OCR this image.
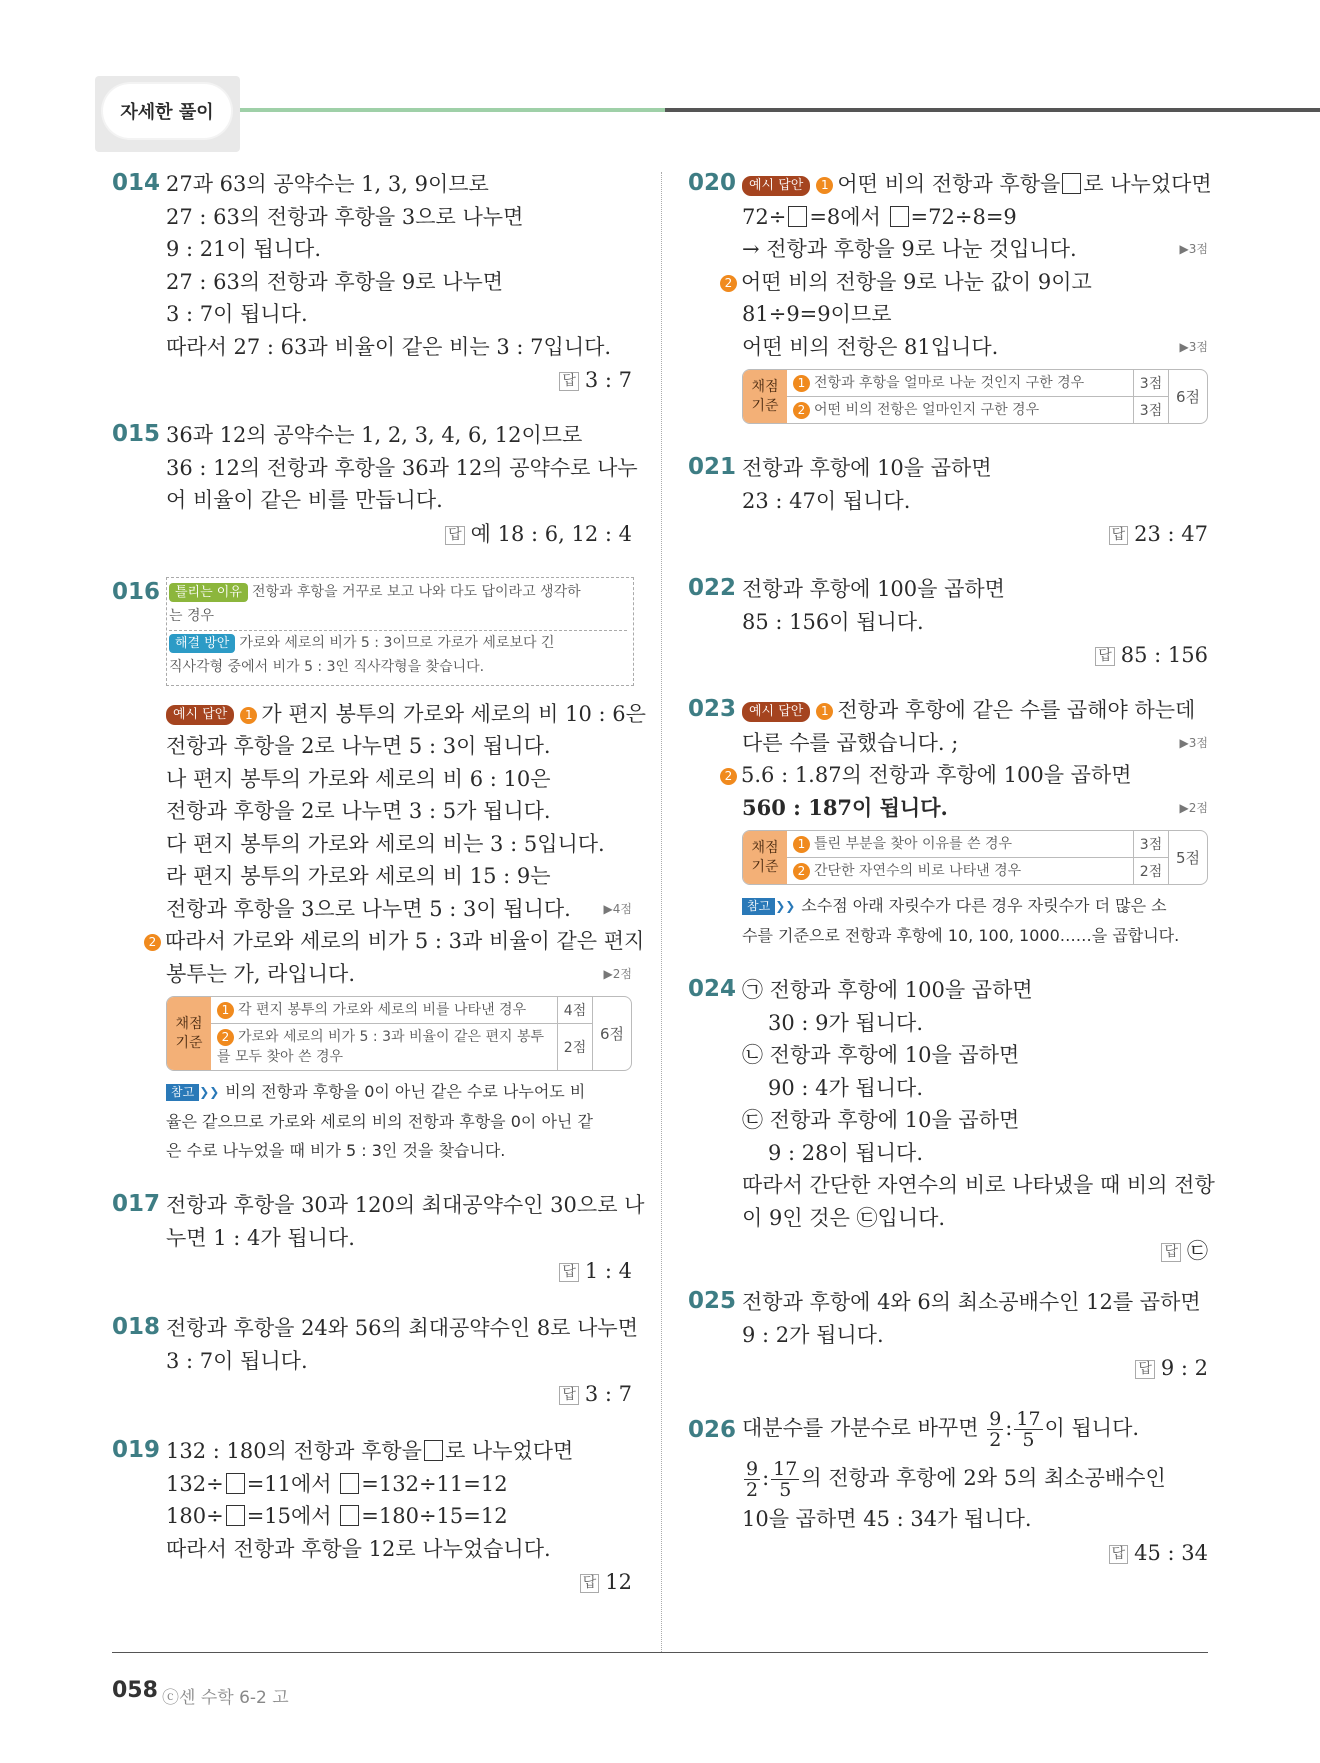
자세한 풀이
014 27과 63의 공약수는 1, 3, 9이므로
27 : 63의 전항과 후항을 3으로 나누면
9 : 21이 됩니다.
27 : 63의 전항과 후항을 9로 나누면
3 : 7이 됩니다.
따라서 27 : 63과 비율이 같은 비는 3 : 7입니다.
답 3 : 7
015 36과 12의 공약수는 1, 2, 3, 4, 6, 12이므로
36 : 12의 전항과 후항을 36과 12의 공약수로 나누
어 비율이 같은 비를 만듭니다.
답 예 18 : 6, 12 : 4
016	틀리는 이유 전항과 후항을 거꾸로 보고 나와 다도 답이라고 생각하
는 경우
해결 방안 가로와 세로의 비가 5 : 3이므로 가로가 세로보다 긴
직사각형 중에서 비가 5 : 3인 직사각형을 찾습니다.
예시 답안 1 가 편지 봉투의 가로와 세로의 비 10 : 6은
전항과 후항을 2로 나누면 5 : 3이 됩니다.
나 편지 봉투의 가로와 세로의 비 6 : 10은
전항과 후항을 2로 나누면 3 : 5가 됩니다.
다 편지 봉투의 가로와 세로의 비는 3 : 5입니다.
라 편지 봉투의 가로와 세로의 비 15 : 9는
전항과 후항을 3으로 나누면 5 : 3이 됩니다.	▶4점
2 따라서 가로와 세로의 비가 5 : 3과 비율이 같은 편지
봉투는 가, 라입니다.	▶2점
채점 기준
1 각 편지 봉투의 가로와 세로의 비를 나타낸 경우	4점
2 가로와 세로의 비가 5 : 3과 비율이 같은 편지 봉투를 모두 찾아 쓴 경우
2점
6점
참고 ❯❯ 비의 전항과 후항을 0이 아닌 같은 수로 나누어도 비
율은 같으므로 가로와 세로의 비의 전항과 후항을 0이 아닌 같
은 수로 나누었을 때 비가 5 : 3인 것을 찾습니다.
017 전항과 후항을 30과 120의 최대공약수인 30으로 나
누면 1 : 4가 됩니다.
답 1 : 4
018 전항과 후항을 24와 56의 최대공약수인 8로 나누면
3 : 7이 됩니다.
답 3 : 7
019 132 : 180의 전항과 후항을 로 나누었다면
132÷ =11에서 =132÷11=12
180÷ =15에서 =180÷15=12
따라서 전항과 후항을 12로 나누었습니다.
답 12
020 예시 답안 1 어떤 비의 전항과 후항을 로 나누었다면
72÷ =8에서 =72÷8=9
→ 전항과 후항을 9로 나눈 것입니다.	▶3점
2 어떤 비의 전항을 9로 나눈 값이 9이고
81÷9=9이므로
어떤 비의 전항은 81입니다.	▶3점
채점 기준
1 전항과 후항을 얼마로 나눈 것인지 구한 경우	3점
2 어떤 비의 전항은 얼마인지 구한 경우	3점
6점
021 전항과 후항에 10을 곱하면
23 : 47이 됩니다.
답 23 : 47
022 전항과 후항에 100을 곱하면
85 : 156이 됩니다.
답 85 : 156
023 예시 답안 1 전항과 후항에 같은 수를 곱해야 하는데
다른 수를 곱했습니다. ;	▶3점
2 5.6 : 1.87의 전항과 후항에 100을 곱하면
560 : 187이 됩니다.	▶2점
채점 기준
1 틀린 부분을 찾아 이유를 쓴 경우	3점
2 간단한 자연수의 비로 나타낸 경우	2점
5점
참고 ❯❯ 소수점 아래 자릿수가 다른 경우 자릿수가 더 많은 소
수를 기준으로 전항과 후항에 10, 100, 1000……을 곱합니다.
024 ㉠ 전항과 후항에 100을 곱하면
30 : 9가 됩니다.
㉡ 전항과 후항에 10을 곱하면
90 : 4가 됩니다.
㉢ 전항과 후항에 10을 곱하면
9 : 28이 됩니다.
따라서 간단한 자연수의 비로 나타냈을 때 비의 전항
이 9인 것은 ㉢입니다.
답 ㉢
025 전항과 후항에 4와 6의 최소공배수인 12를 곱하면
9 : 2가 됩니다.
답 9 : 2
026 대분수를 가분수로 바꾸면 $\frac{9}{2}$ : $\frac{17}{5}$ 이 됩니다.
$\frac{9}{2}$ : $\frac{17}{5}$ 의 전항과 후항에 2와 5의 최소공배수인
10을 곱하면 45 : 34가 됩니다.
답 45 : 34
058 ⓒ센 수학 6-2 고
